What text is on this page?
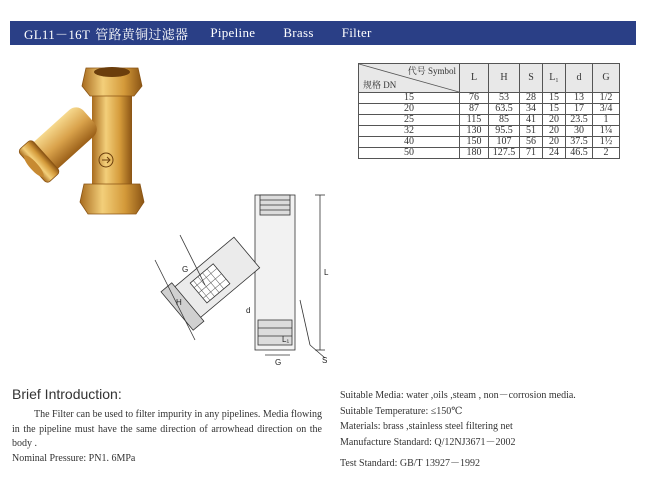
GL11－16T 管路黄铜过滤器 Pipeline Brass Filter
代号 Symbol
规格 DN	L	H	S	L₁	d	G
15	76	53	28	15	13	1/2
20	87	63.5	34	15	17	3/4
25	115	85	41	20	23.5	1
32	130	95.5	51	20	30	1¼
40	150	107	56	20	37.5	1½
50	180	127.5	71	24	46.5	2
G
H
L
L₁
G	S
d
Brief Introduction:
The Filter can be used to filter impurity in any pipelines. Media flowing in the pipeline must have the same direction of arrowhead direction on the body .
Nominal Pressure: PN1. 6MPa
Suitable Media: water ,oils ,steam , non－corrosion media.
Suitable Temperature: ≤150℃
Materials: brass ,stainless steel filtering net
Manufacture Standard: Q/12NJ3671－2002
Test Standard: GB/T 13927－1992
